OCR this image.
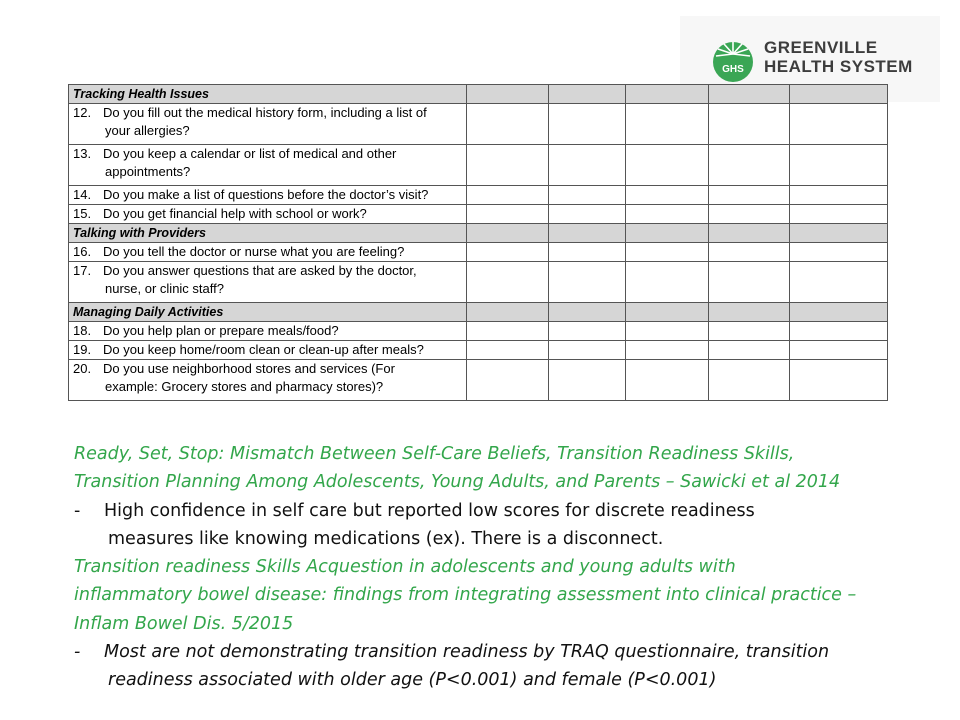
GHS
GREENVILLE
HEALTH SYSTEM
Tracking Health Issues					

12. Do you fill out the medical history form, including a list of
your allergies?					

13. Do you keep a calendar or list of medical and other
appointments?					

14. Do you make a list of questions before the doctor’s visit?					

15. Do you get financial help with school or work?					

Talking with Providers					

16. Do you tell the doctor or nurse what you are feeling?					

17. Do you answer questions that are asked by the doctor,
nurse, or clinic staff?					

Managing Daily Activities					

18. Do you help plan or prepare meals/food?					

19. Do you keep home/room clean or clean-up after meals?					

20. Do you use neighborhood stores and services (For
example: Grocery stores and pharmacy stores)?					

Ready, Set, Stop: Mismatch Between Self-Care Beliefs, Transition Readiness Skills,
Transition Planning Among Adolescents, Young Adults, and Parents – Sawicki et al 2014
-	High confidence in self care but reported low scores for discrete readiness
measures like knowing medications (ex). There is a disconnect.
Transition readiness Skills Acquestion in adolescents and young adults with
inflammatory bowel disease: findings from integrating assessment into clinical practice –
Inflam Bowel Dis. 5/2015
-	Most are not demonstrating transition readiness by TRAQ questionnaire, transition
readiness associated with older age (P<0.001) and female (P<0.001)
